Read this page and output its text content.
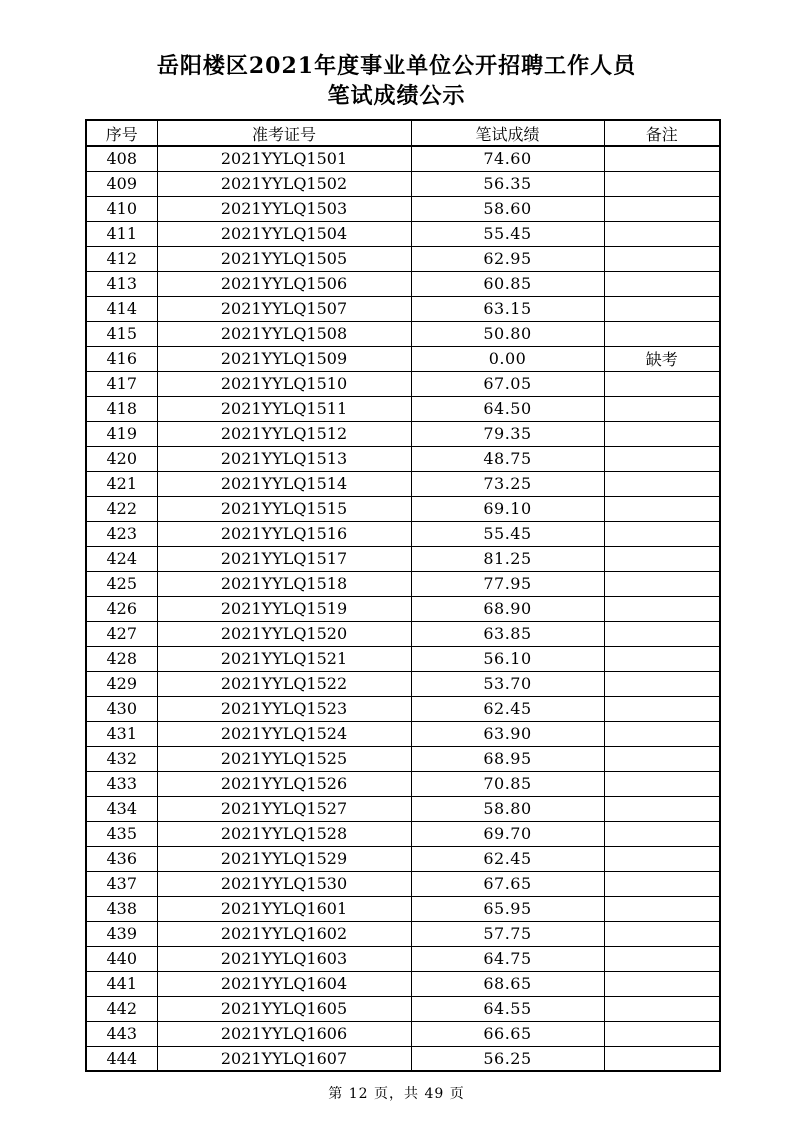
岳阳楼区2021年度事业单位公开招聘工作人员
笔试成绩公示
序号	准考证号	笔试成绩	备注
408	2021YYLQ1501	74.60	
409	2021YYLQ1502	56.35	
410	2021YYLQ1503	58.60	
411	2021YYLQ1504	55.45	
412	2021YYLQ1505	62.95	
413	2021YYLQ1506	60.85	
414	2021YYLQ1507	63.15	
415	2021YYLQ1508	50.80	
416	2021YYLQ1509	0.00	缺考
417	2021YYLQ1510	67.05	
418	2021YYLQ1511	64.50	
419	2021YYLQ1512	79.35	
420	2021YYLQ1513	48.75	
421	2021YYLQ1514	73.25	
422	2021YYLQ1515	69.10	
423	2021YYLQ1516	55.45	
424	2021YYLQ1517	81.25	
425	2021YYLQ1518	77.95	
426	2021YYLQ1519	68.90	
427	2021YYLQ1520	63.85	
428	2021YYLQ1521	56.10	
429	2021YYLQ1522	53.70	
430	2021YYLQ1523	62.45	
431	2021YYLQ1524	63.90	
432	2021YYLQ1525	68.95	
433	2021YYLQ1526	70.85	
434	2021YYLQ1527	58.80	
435	2021YYLQ1528	69.70	
436	2021YYLQ1529	62.45	
437	2021YYLQ1530	67.65	
438	2021YYLQ1601	65.95	
439	2021YYLQ1602	57.75	
440	2021YYLQ1603	64.75	
441	2021YYLQ1604	68.65	
442	2021YYLQ1605	64.55	
443	2021YYLQ1606	66.65	
444	2021YYLQ1607	56.25	
第 12 页，共 49 页
